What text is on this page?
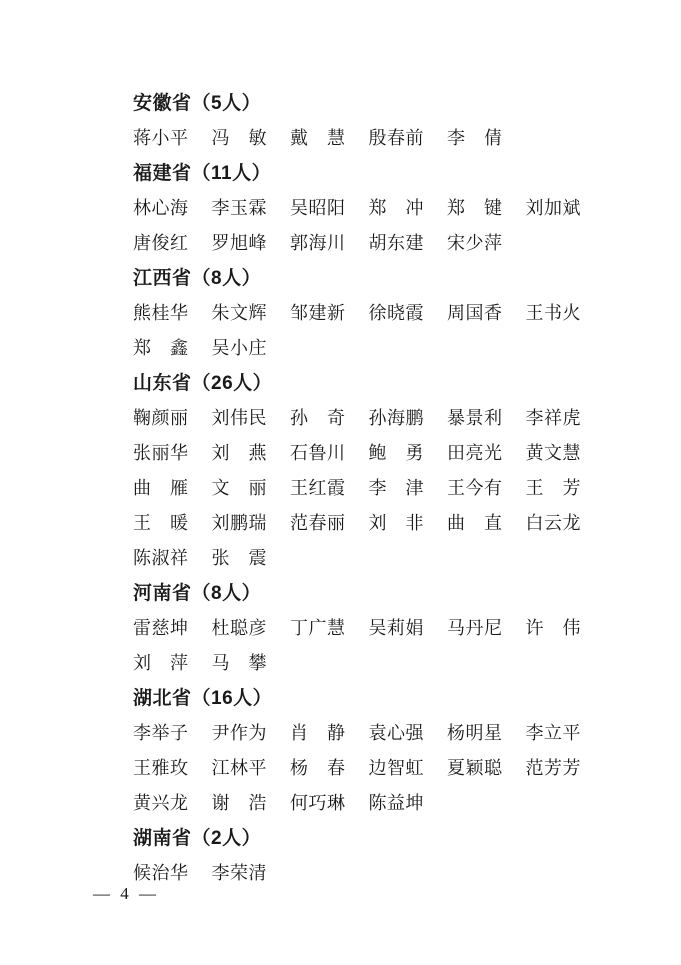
安徽省（5人）
蒋小平 冯　敏 戴　慧 殷春前 李　倩
福建省（11人）
林心海 李玉霖 吴昭阳 郑　冲 郑　键 刘加斌
唐俊红 罗旭峰 郭海川 胡东建 宋少萍
江西省（8人）
熊桂华 朱文辉 邹建新 徐晓霞 周国香 王书火
郑　鑫 吴小庄
山东省（26人）
鞠颜丽 刘伟民 孙　奇 孙海鹏 暴景利 李祥虎
张丽华 刘　燕 石鲁川 鲍　勇 田亮光 黄文慧
曲　雁 文　丽 王红霞 李　津 王今有 王　芳
王　暖 刘鹏瑞 范春丽 刘　非 曲　直 白云龙
陈淑祥 张　震
河南省（8人）
雷慈坤 杜聪彦 丁广慧 吴莉娟 马丹尼 许　伟
刘　萍 马　攀
湖北省（16人）
李举子 尹作为 肖　静 袁心强 杨明星 李立平
王雅玫 江林平 杨　春 边智虹 夏颖聪 范芳芳
黄兴龙 谢　浩 何巧琳 陈益坤
湖南省（2人）
候治华 李荣清
— 4 —
